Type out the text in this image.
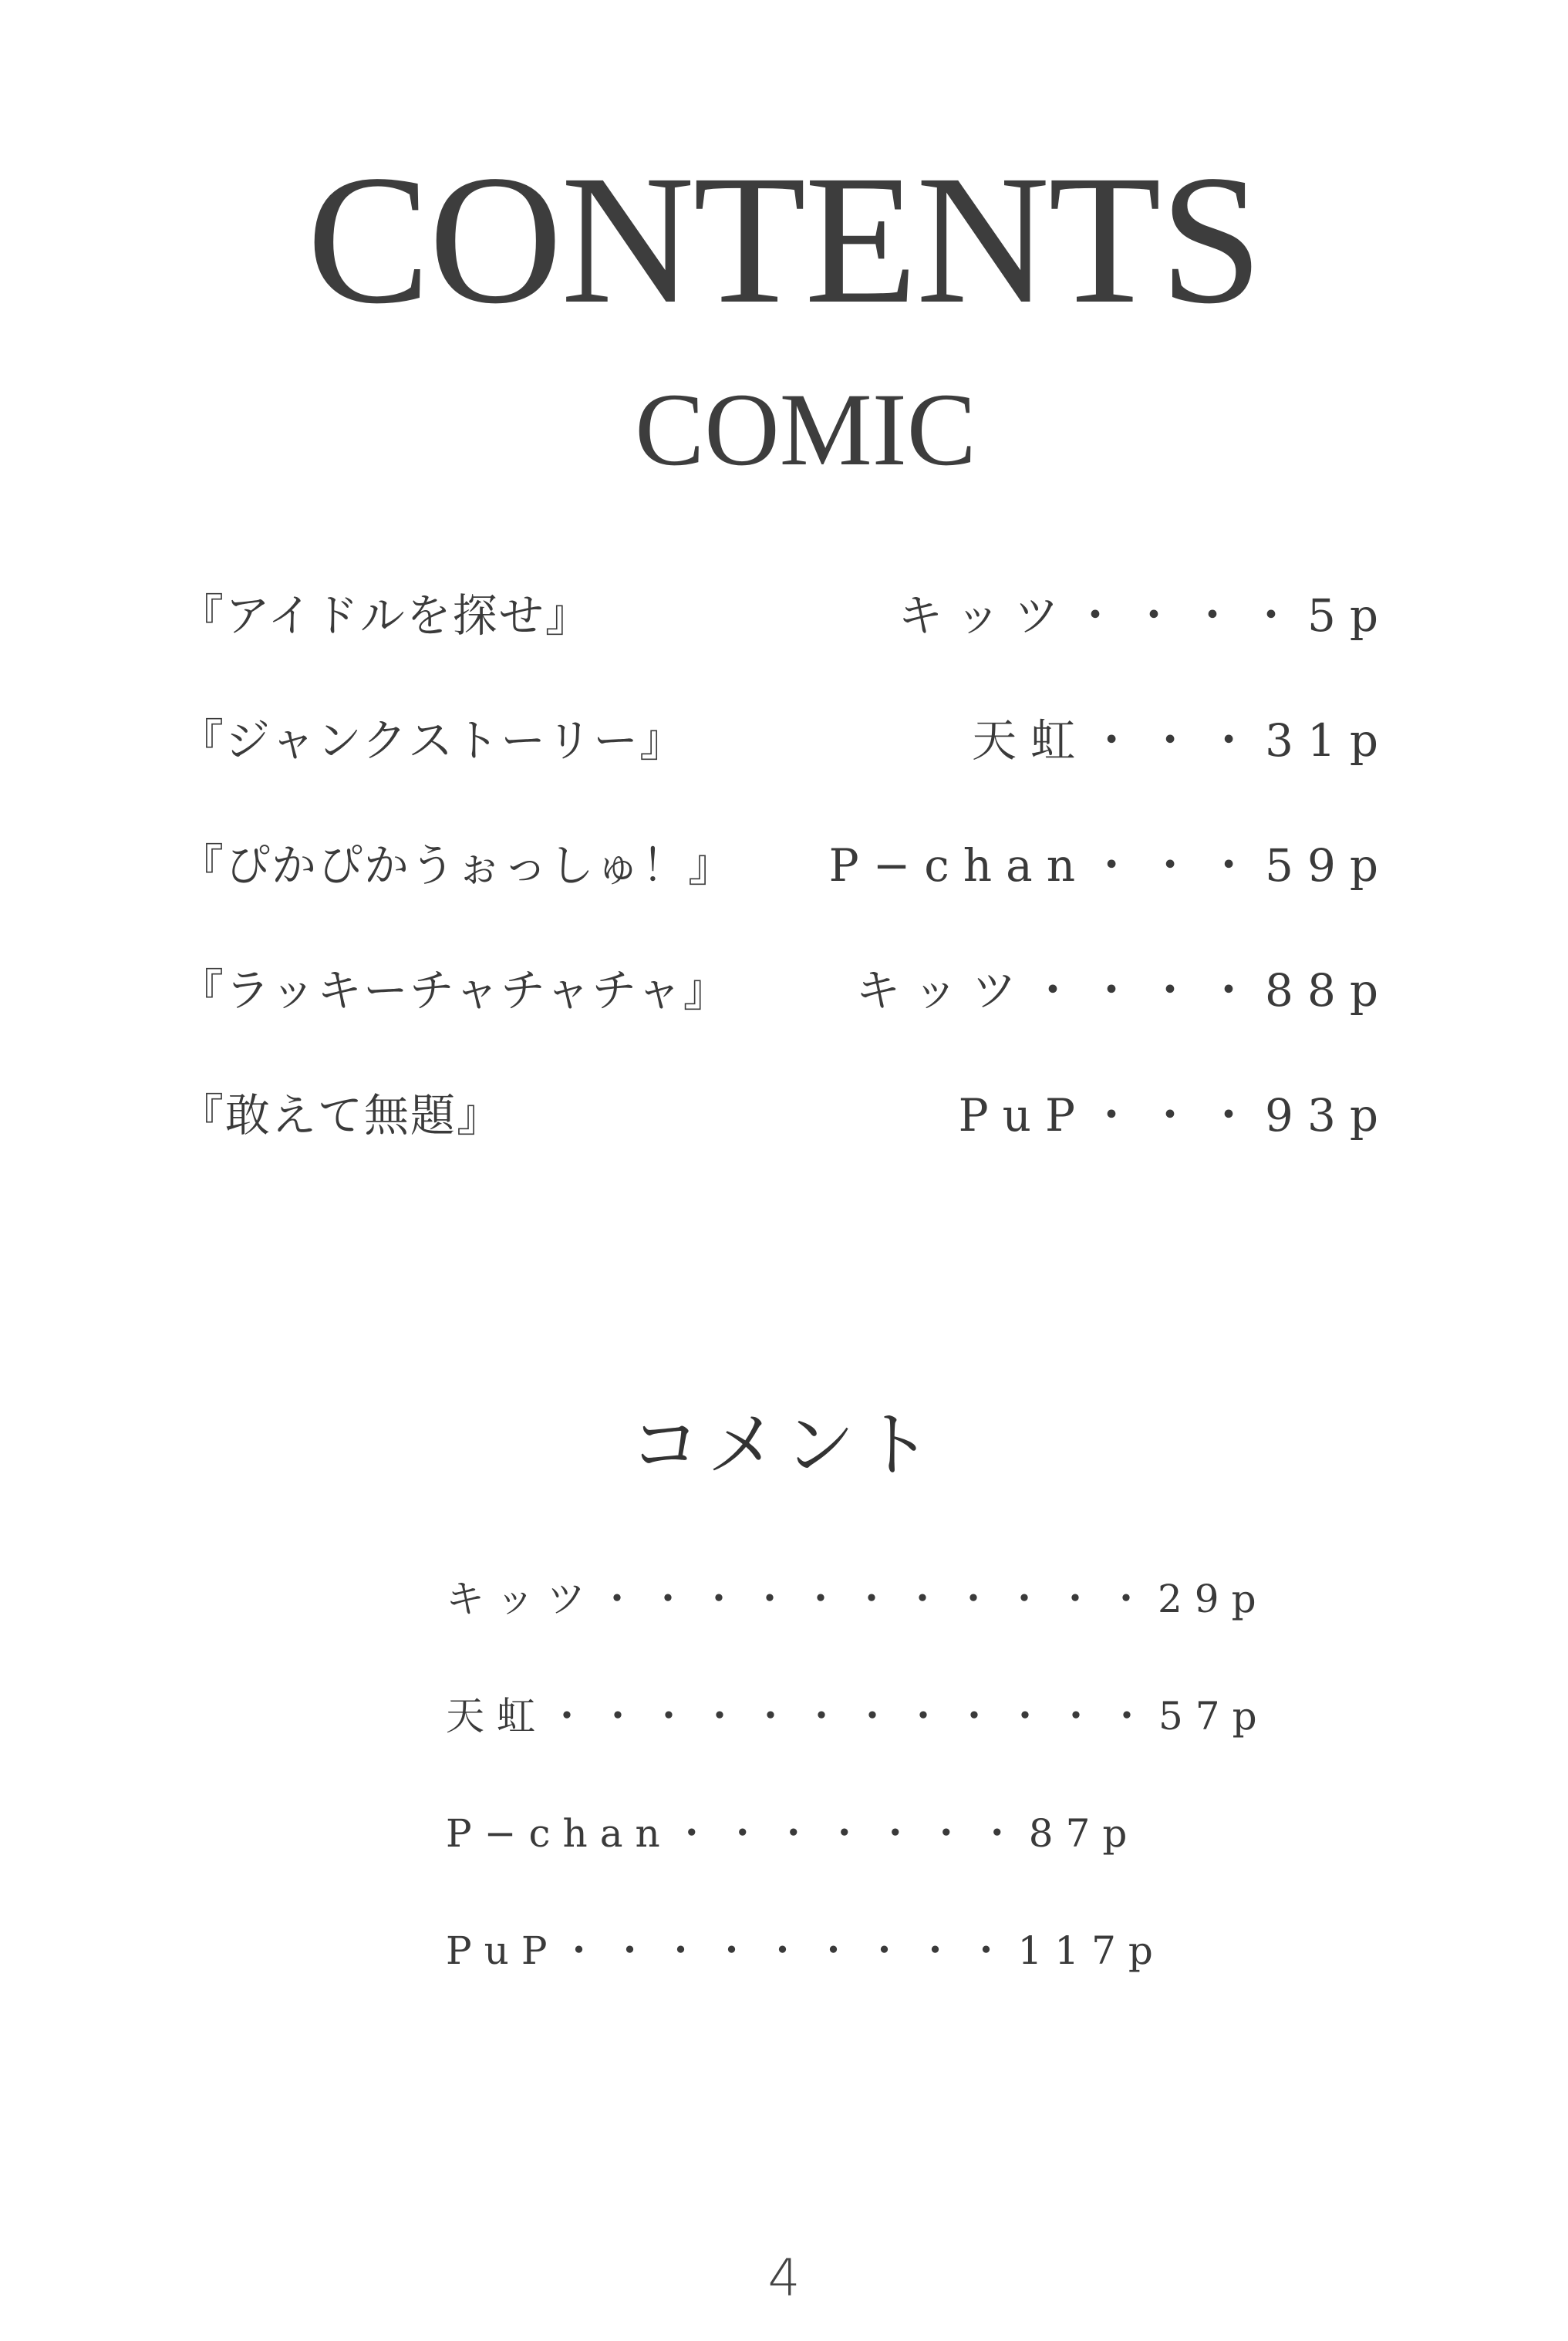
CONTENTS
COMIC
『アイドルを探せ』	キッツ・・・・5p
『ジャンクストーリー』	天虹・・・31p
『ぴかぴかうぉっしゅ！』 P−chan・・・59p
『ラッキーチャチャチャ』	キッツ・・・・88p
『敢えて無題』	PuP・・・93p
コメント
キッツ・・・・・・・・・・・29p
天虹・・・・・・・・・・・・57p
P−chan・・・・・・・87p
PuP・・・・・・・・・117p
4
